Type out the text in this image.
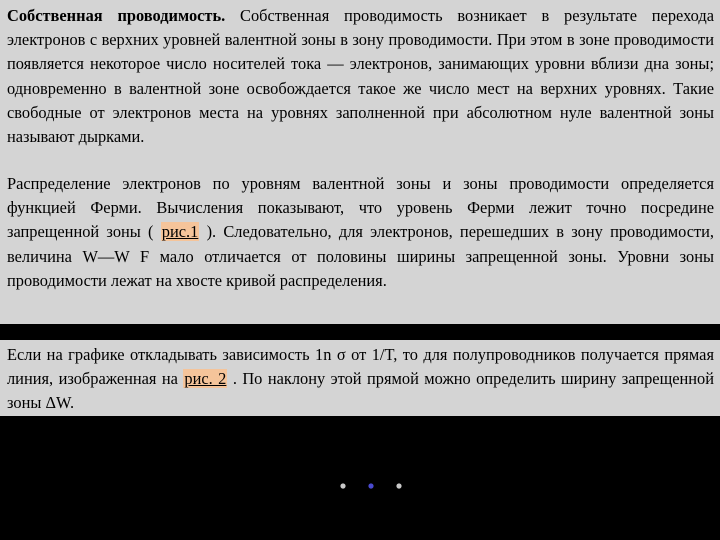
Собственная проводимость. Собственная проводимость возникает в результате перехода электронов с верхних уровней валентной зоны в зону проводимости. При этом в зоне проводимости появляется некоторое число носителей тока — электронов, занимающих уровни вблизи дна зоны; одновременно в валентной зоне освобождается такое же число мест на верхних уровнях. Такие свободные от электронов места на уровнях заполненной при абсолютном нуле валентной зоны называют дырками.

Распределение электронов по уровням валентной зоны и зоны проводимости определяется функцией Ферми. Вычисления показывают, что уровень Ферми лежит точно посредине запрещенной зоны ( рис.1 ). Следовательно, для электронов, перешедших в зону проводимости, величина W—W F мало отличается от половины ширины запрещенной зоны. Уровни зоны проводимости лежат на хвосте кривой распределения.

Если на графике откладывать зависимость 1n σ от 1/T, то для полупроводников получается прямая линия, изображенная на рис. 2 . По наклону этой прямой можно определить ширину запрещенной зоны ΔW.
